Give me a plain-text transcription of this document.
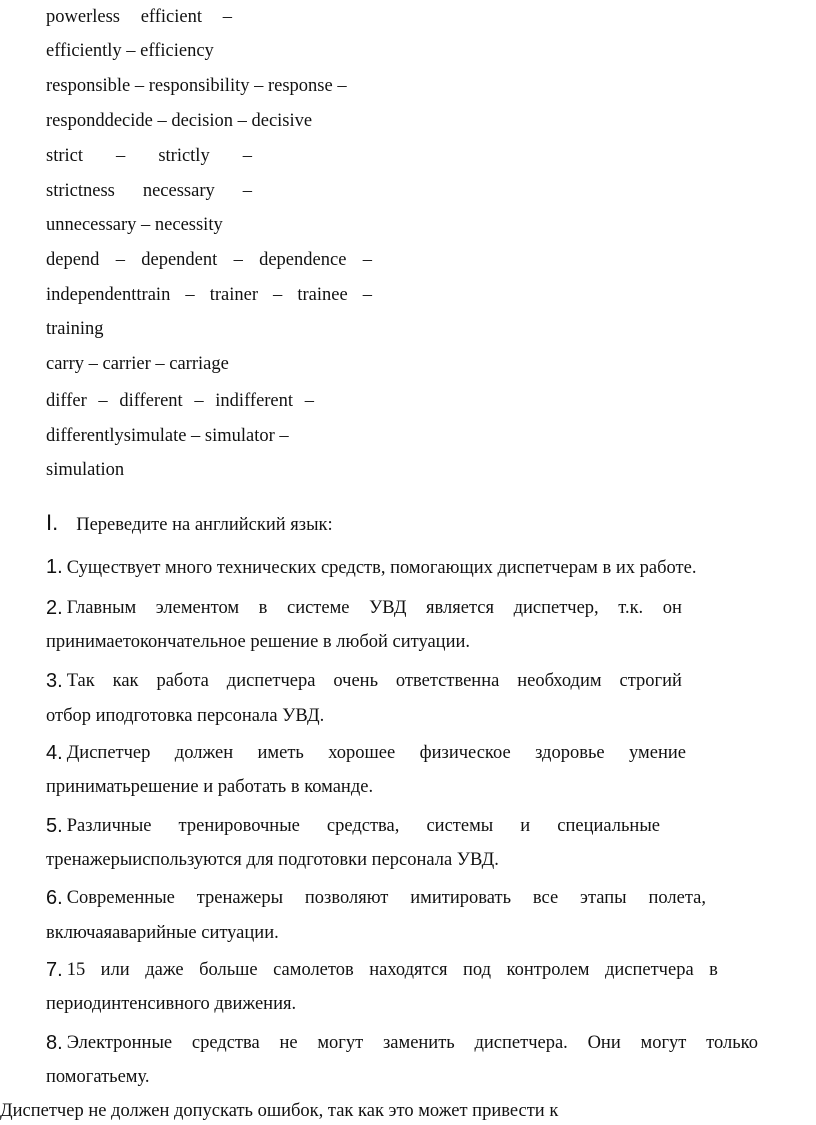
powerless efficient –
efficiently – efficiency
responsible – responsibility – response –
responddecide – decision – decisive
strict – strictly –
strictness necessary –
unnecessary – necessity
depend – dependent – dependence –
independent train – trainer – trainee –
training
carry – carrier – carriage
differ – different – indifferent –
differentlysimulate – simulator –
simulation
I. Переведите на английский язык:
1. Существует много технических средств, помогающих диспетчерам в их работе.
2. Главным элементом в системе УВД является диспетчер, т.к. он
принимаетокончательное решение в любой ситуации.
3. Так как работа диспетчера очень ответственна необходим строгий
отбор иподготовка персонала УВД.
4. Диспетчер должен иметь хорошее физическое здоровье умение
приниматьрешение и работать в команде.
5. Различные тренировочные средства, системы и специальные
тренажерыиспользуются для подготовки персонала УВД.
6. Современные тренажеры позволяют имитировать все этапы полета,
включаяаварийные ситуации.
7. 15 или даже больше самолетов находятся под контролем диспетчера в
периодинтенсивного движения.
8. Электронные средства не могут заменить диспетчера. Они могут только
помогатьему.
Диспетчер не должен допускать ошибок, так как это может привести к
